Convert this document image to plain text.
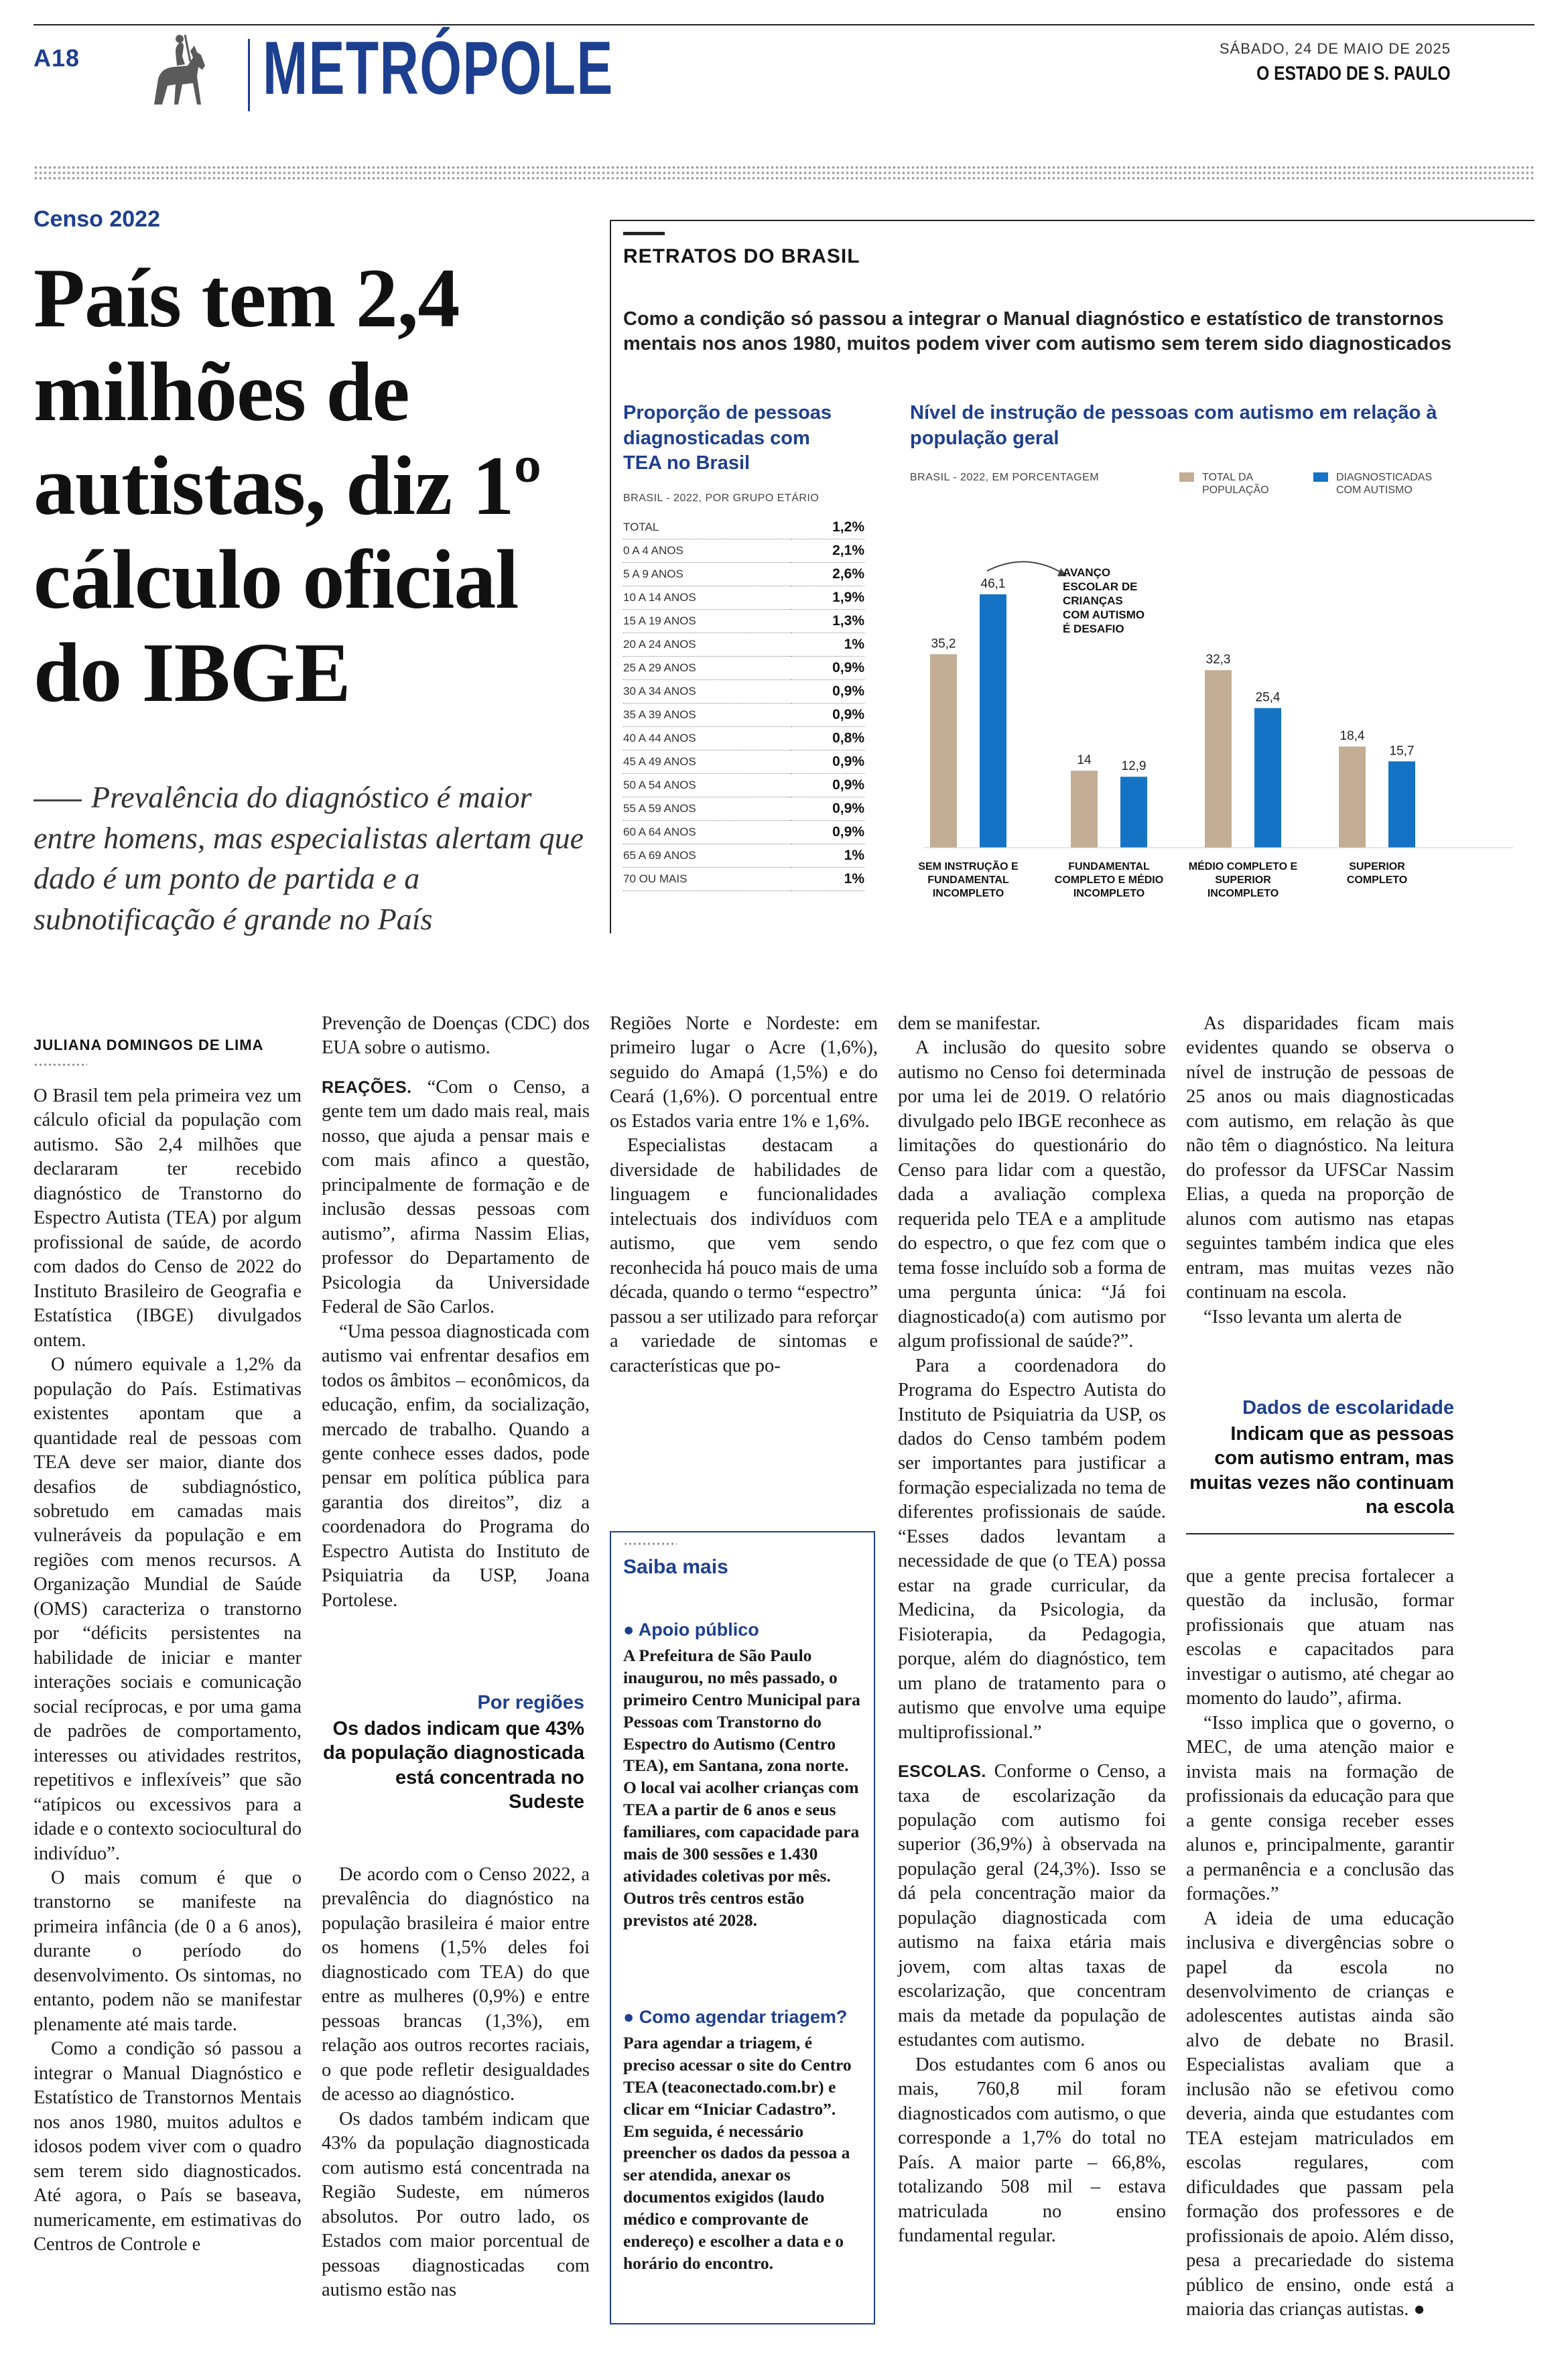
A18 METRÓPOLE	SÁBADO, 24 DE MAIO DE 2025
O ESTADO DE S. PAULO
Censo 2022
País tem 2,4 milhões de autistas, diz 1º cálculo oficial do IBGE
Prevalência do diagnóstico é maior entre homens, mas especialistas alertam que dado é um ponto de partida e a subnotificação é grande no País
RETRATOS DO BRASIL
Como a condição só passou a integrar o Manual diagnóstico e estatístico de transtornos mentais nos anos 1980, muitos podem viver com autismo sem terem sido diagnosticados
Proporção de pessoas diagnosticadas com TEA no Brasil
BRASIL - 2022, POR GRUPO ETÁRIO
TOTAL	1,2%
0 A 4 ANOS	2,1%
5 A 9 ANOS	2,6%
10 A 14 ANOS	1,9%
15 A 19 ANOS	1,3%
20 A 24 ANOS	1%
25 A 29 ANOS	0,9%
30 A 34 ANOS	0,9%
35 A 39 ANOS	0,9%
40 A 44 ANOS	0,8%
45 A 49 ANOS	0,9%
50 A 54 ANOS	0,9%
55 A 59 ANOS	0,9%
60 A 64 ANOS	0,9%
65 A 69 ANOS	1%
70 OU MAIS	1%
Nível de instrução de pessoas com autismo em relação à população geral
BRASIL - 2022, EM PORCENTAGEM	TOTAL DA POPULAÇÃO
DIAGNOSTICADAS COM AUTISMO
35,2
46,1
SEM INSTRUÇÃO E FUNDAMENTAL INCOMPLETO
14 12,9
FUNDAMENTAL COMPLETO E MÉDIO INCOMPLETO
32,3
25,4
MÉDIO COMPLETO E SUPERIOR INCOMPLETO
18,4
15,7
SUPERIOR COMPLETO
AVANÇO ESCOLAR DE CRIANÇAS COM AUTISMO É DESAFIO
JULIANA DOMINGOS DE LIMA

O Brasil tem pela primeira vez um cálculo oficial da população com autismo. São 2,4 milhões que declararam ter recebido diagnóstico de Transtorno do Espectro Autista (TEA) por algum profissional de saúde, de acordo com dados do Censo de 2022 do Instituto Brasileiro de Geografia e Estatística (IBGE) divulgados ontem.

O número equivale a 1,2% da população do País. Estimativas existentes apontam que a quantidade real de pessoas com TEA deve ser maior, diante dos desafios de subdiagnóstico, sobretudo em camadas mais vulneráveis da população e em regiões com menos recursos. A Organização Mundial de Saúde (OMS) caracteriza o transtorno por “déficits persistentes na habilidade de iniciar e manter interações sociais e comunicação social recíprocas, e por uma gama de padrões de comportamento, interesses ou atividades restritos, repetitivos e inflexíveis” que são “atípicos ou excessivos para a idade e o contexto sociocultural do indivíduo”.

O mais comum é que o transtorno se manifeste na primeira infância (de 0 a 6 anos), durante o período do desenvolvimento. Os sintomas, no entanto, podem não se manifestar plenamente até mais tarde.

Como a condição só passou a integrar o Manual Diagnóstico e Estatístico de Transtornos Mentais nos anos 1980, muitos adultos e idosos podem viver com o quadro sem terem sido diagnosticados. Até agora, o País se baseava, numericamente, em estimativas do Centros de Controle e

Prevenção de Doenças (CDC) dos EUA sobre o autismo.

REAÇÕES. “Com o Censo, a gente tem um dado mais real, mais nosso, que ajuda a pensar mais e com mais afinco a questão, principalmente de formação e de inclusão dessas pessoas com autismo”, afirma Nassim Elias, professor do Departamento de Psicologia da Universidade Federal de São Carlos.

“Uma pessoa diagnosticada com autismo vai enfrentar desafios em todos os âmbitos – econômicos, da educação, enfim, da socialização, mercado de trabalho. Quando a gente conhece esses dados, pode pensar em política pública para garantia dos direitos”, diz a coordenadora do Programa do Espectro Autista do Instituto de Psiquiatria da USP, Joana Portolese.

Por regiões
Os dados indicam que 43% da população diagnosticada está concentrada no Sudeste

De acordo com o Censo 2022, a prevalência do diagnóstico na população brasileira é maior entre os homens (1,5% deles foi diagnosticado com TEA) do que entre as mulheres (0,9%) e entre pessoas brancas (1,3%), em relação aos outros recortes raciais, o que pode refletir desigualdades de acesso ao diagnóstico.

Os dados também indicam que 43% da população diagnosticada com autismo está concentrada na Região Sudeste, em números absolutos. Por outro lado, os Estados com maior porcentual de pessoas diagnosticadas com autismo estão nas

Regiões Norte e Nordeste: em primeiro lugar o Acre (1,6%), seguido do Amapá (1,5%) e do Ceará (1,6%). O porcentual entre os Estados varia entre 1% e 1,6%.

Especialistas destacam a diversidade de habilidades de linguagem e funcionalidades intelectuais dos indivíduos com autismo, que vem sendo reconhecida há pouco mais de uma década, quando o termo “espectro” passou a ser utilizado para reforçar a variedade de sintomas e características que po-

Saiba mais
● Apoio público
A Prefeitura de São Paulo inaugurou, no mês passado, o primeiro Centro Municipal para Pessoas com Transtorno do Espectro do Autismo (Centro TEA), em Santana, zona norte. O local vai acolher crianças com TEA a partir de 6 anos e seus familiares, com capacidade para mais de 300 sessões e 1.430 atividades coletivas por mês. Outros três centros estão previstos até 2028.
● Como agendar triagem?
Para agendar a triagem, é preciso acessar o site do Centro TEA (teaconectado.com.br) e clicar em “Iniciar Cadastro”. Em seguida, é necessário preencher os dados da pessoa a ser atendida, anexar os documentos exigidos (laudo médico e comprovante de endereço) e escolher a data e o horário do encontro.

dem se manifestar.

A inclusão do quesito sobre autismo no Censo foi determinada por uma lei de 2019. O relatório divulgado pelo IBGE reconhece as limitações do questionário do Censo para lidar com a questão, dada a avaliação complexa requerida pelo TEA e a amplitude do espectro, o que fez com que o tema fosse incluído sob a forma de uma pergunta única: “Já foi diagnosticado(a) com autismo por algum profissional de saúde?”.

Para a coordenadora do Programa do Espectro Autista do Instituto de Psiquiatria da USP, os dados do Censo também podem ser importantes para justificar a formação especializada no tema de diferentes profissionais de saúde. “Esses dados levantam a necessidade de que (o TEA) possa estar na grade curricular, da Medicina, da Psicologia, da Fisioterapia, da Pedagogia, porque, além do diagnóstico, tem um plano de tratamento para o autismo que envolve uma equipe multiprofissional.”

ESCOLAS. Conforme o Censo, a taxa de escolarização da população com autismo foi superior (36,9%) à observada na população geral (24,3%). Isso se dá pela concentração maior da população diagnosticada com autismo na faixa etária mais jovem, com altas taxas de escolarização, que concentram mais da metade da população de estudantes com autismo.

Dos estudantes com 6 anos ou mais, 760,8 mil foram diagnosticados com autismo, o que corresponde a 1,7% do total no País. A maior parte – 66,8%, totalizando 508 mil – estava matriculada no ensino fundamental regular.

As disparidades ficam mais evidentes quando se observa o nível de instrução de pessoas de 25 anos ou mais diagnosticadas com autismo, em relação às que não têm o diagnóstico. Na leitura do professor da UFSCar Nassim Elias, a queda na proporção de alunos com autismo nas etapas seguintes também indica que eles entram, mas muitas vezes não continuam na escola.

“Isso levanta um alerta de

Dados de escolaridade
Indicam que as pessoas com autismo entram, mas muitas vezes não continuam na escola

que a gente precisa fortalecer a questão da inclusão, formar profissionais que atuam nas escolas e capacitados para investigar o autismo, até chegar ao momento do laudo”, afirma.

“Isso implica que o governo, o MEC, de uma atenção maior e invista mais na formação de profissionais da educação para que a gente consiga receber esses alunos e, principalmente, garantir a permanência e a conclusão das formações.”

A ideia de uma educação inclusiva e divergências sobre o papel da escola no desenvolvimento de crianças e adolescentes autistas ainda são alvo de debate no Brasil. Especialistas avaliam que a inclusão não se efetivou como deveria, ainda que estudantes com TEA estejam matriculados em escolas regulares, com dificuldades que passam pela formação dos professores e de profissionais de apoio. Além disso, pesa a precariedade do sistema público de ensino, onde está a maioria das crianças autistas. ●
